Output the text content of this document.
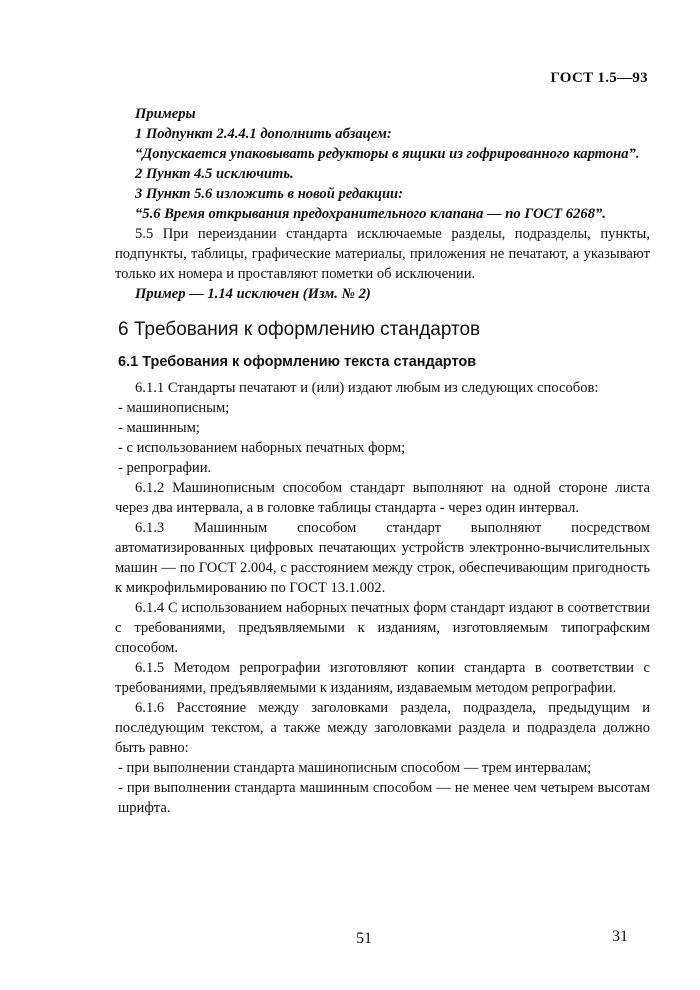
ГОСТ 1.5—93

Примеры

1 Подпункт 2.4.4.1 дополнить абзацем:

“Допускается упаковывать редукторы в ящики из гофрированного картона”.

2 Пункт 4.5 исключить.

3 Пункт 5.6 изложить в новой редакции:

“5.6 Время открывания предохранительного клапана — по ГОСТ 6268”.

5.5 При переиздании стандарта исключаемые разделы, подразделы, пункты, подпункты, таблицы, графические материалы, приложения не печатают, а указывают только их номера и проставляют пометки об исключении.

Пример — 1.14 исключен (Изм. № 2)

6 Требования к оформлению стандартов
6.1 Требования к оформлению текста стандартов

6.1.1 Стандарты печатают и (или) издают любым из следующих способов:

- машинописным;

- машинным;

- с использованием наборных печатных форм;

- репрографии.

6.1.2 Машинописным способом стандарт выполняют на одной стороне листа через два интервала, а в головке таблицы стандарта - через один интервал.

6.1.3 Машинным способом стандарт выполняют посредством автоматизированных цифровых печатающих устройств электронно-вычислительных машин — по ГОСТ 2.004, с расстоянием между строк, обеспечивающим пригодность к микрофильмированию по ГОСТ 13.1.002.

6.1.4 С использованием наборных печатных форм стандарт издают в соответствии с требованиями, предъявляемыми к изданиям, изготовляемым типографским способом.

6.1.5 Методом репрографии изготовляют копии стандарта в соответствии с требованиями, предъявляемыми к изданиям, издаваемым методом репрографии.

6.1.6 Расстояние между заголовками раздела, подраздела, предыдущим и последующим текстом, а также между заголовками раздела и подраздела должно быть равно:

- при выполнении стандарта машинописным способом — трем интервалам;

- при выполнении стандарта машинным способом — не менее чем четырем высотам шрифта.

51	31
